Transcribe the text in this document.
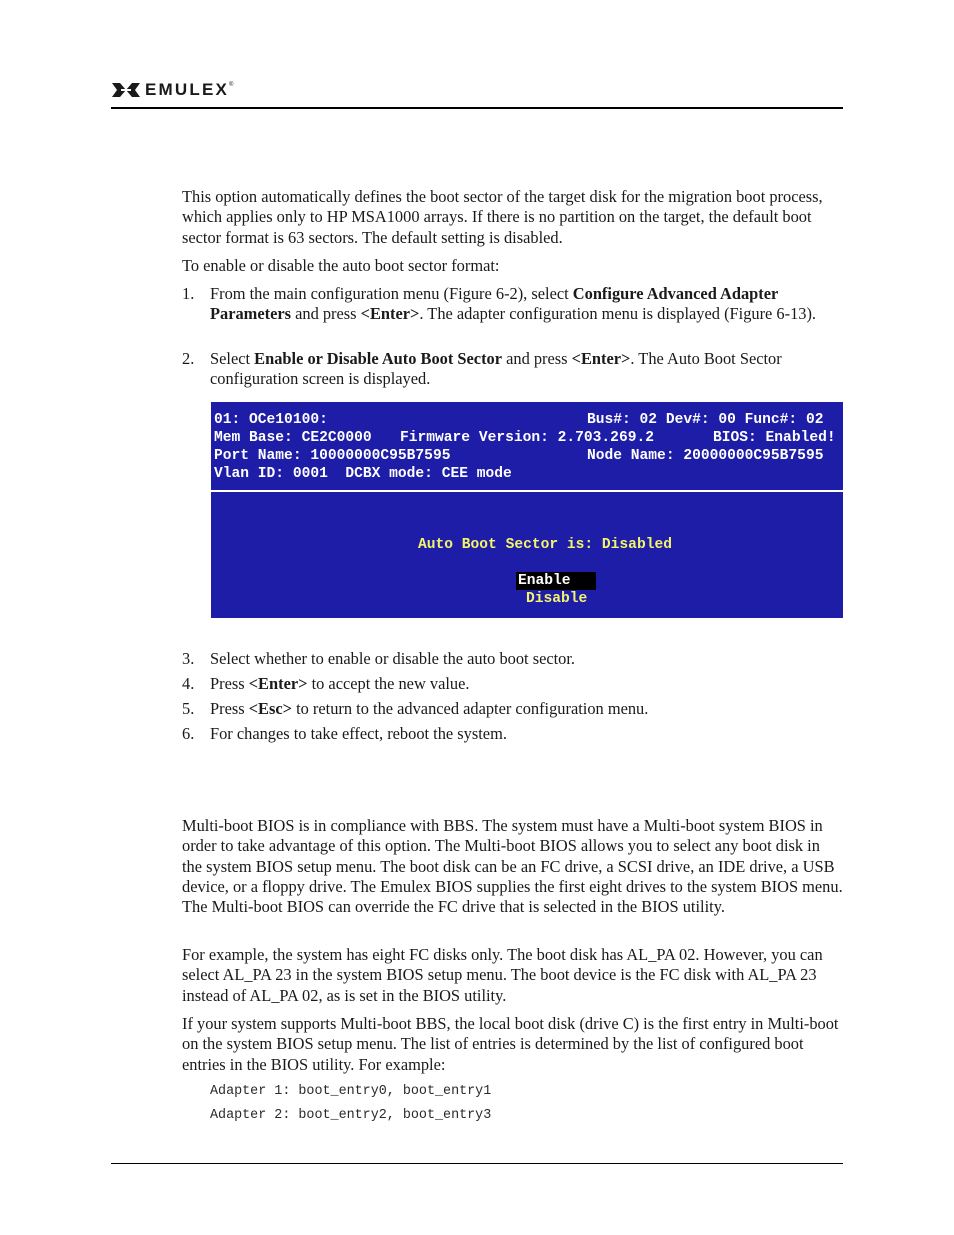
EMULEX ®

This option automatically defines the boot sector of the target disk for the migration boot process, which applies only to HP MSA1000 arrays. If there is no partition on the target, the default boot sector format is 63 sectors. The default setting is disabled.

To enable or disable the auto boot sector format:

1. From the main configuration menu (Figure 6-2), select Configure Advanced Adapter Parameters and press <Enter>. The adapter configuration menu is displayed (Figure 6-13).
2. Select Enable or Disable Auto Boot Sector and press <Enter>. The Auto Boot Sector configuration screen is displayed.
01: OCe10100:	Bus#: 02 Dev#: 00 Func#: 02
Mem Base: CE2C0000 Firmware Version: 2.703.269.2	BIOS: Enabled!
Port Name: 10000000C95B7595	Node Name: 20000000C95B7595
Vlan ID: 0001  DCBX mode: CEE mode
Auto Boot Sector is: Disabled
Enable
Disable
3. Select whether to enable or disable the auto boot sector.
4. Press <Enter> to accept the new value.
5. Press <Esc> to return to the advanced adapter configuration menu.
6. For changes to take effect, reboot the system.

Multi-boot BIOS is in compliance with BBS. The system must have a Multi-boot system BIOS in order to take advantage of this option. The Multi-boot BIOS allows you to select any boot disk in the system BIOS setup menu. The boot disk can be an FC drive, a SCSI drive, an IDE drive, a USB device, or a floppy drive. The Emulex BIOS supplies the first eight drives to the system BIOS menu. The Multi-boot BIOS can override the FC drive that is selected in the BIOS utility.

For example, the system has eight FC disks only. The boot disk has AL_PA 02. However, you can select AL_PA 23 in the system BIOS setup menu. The boot device is the FC disk with AL_PA 23 instead of AL_PA 02, as is set in the BIOS utility.

If your system supports Multi-boot BBS, the local boot disk (drive C) is the first entry in Multi-boot on the system BIOS setup menu. The list of entries is determined by the list of configured boot entries in the BIOS utility. For example:

Adapter 1: boot_entry0, boot_entry1
Adapter 2: boot_entry2, boot_entry3
